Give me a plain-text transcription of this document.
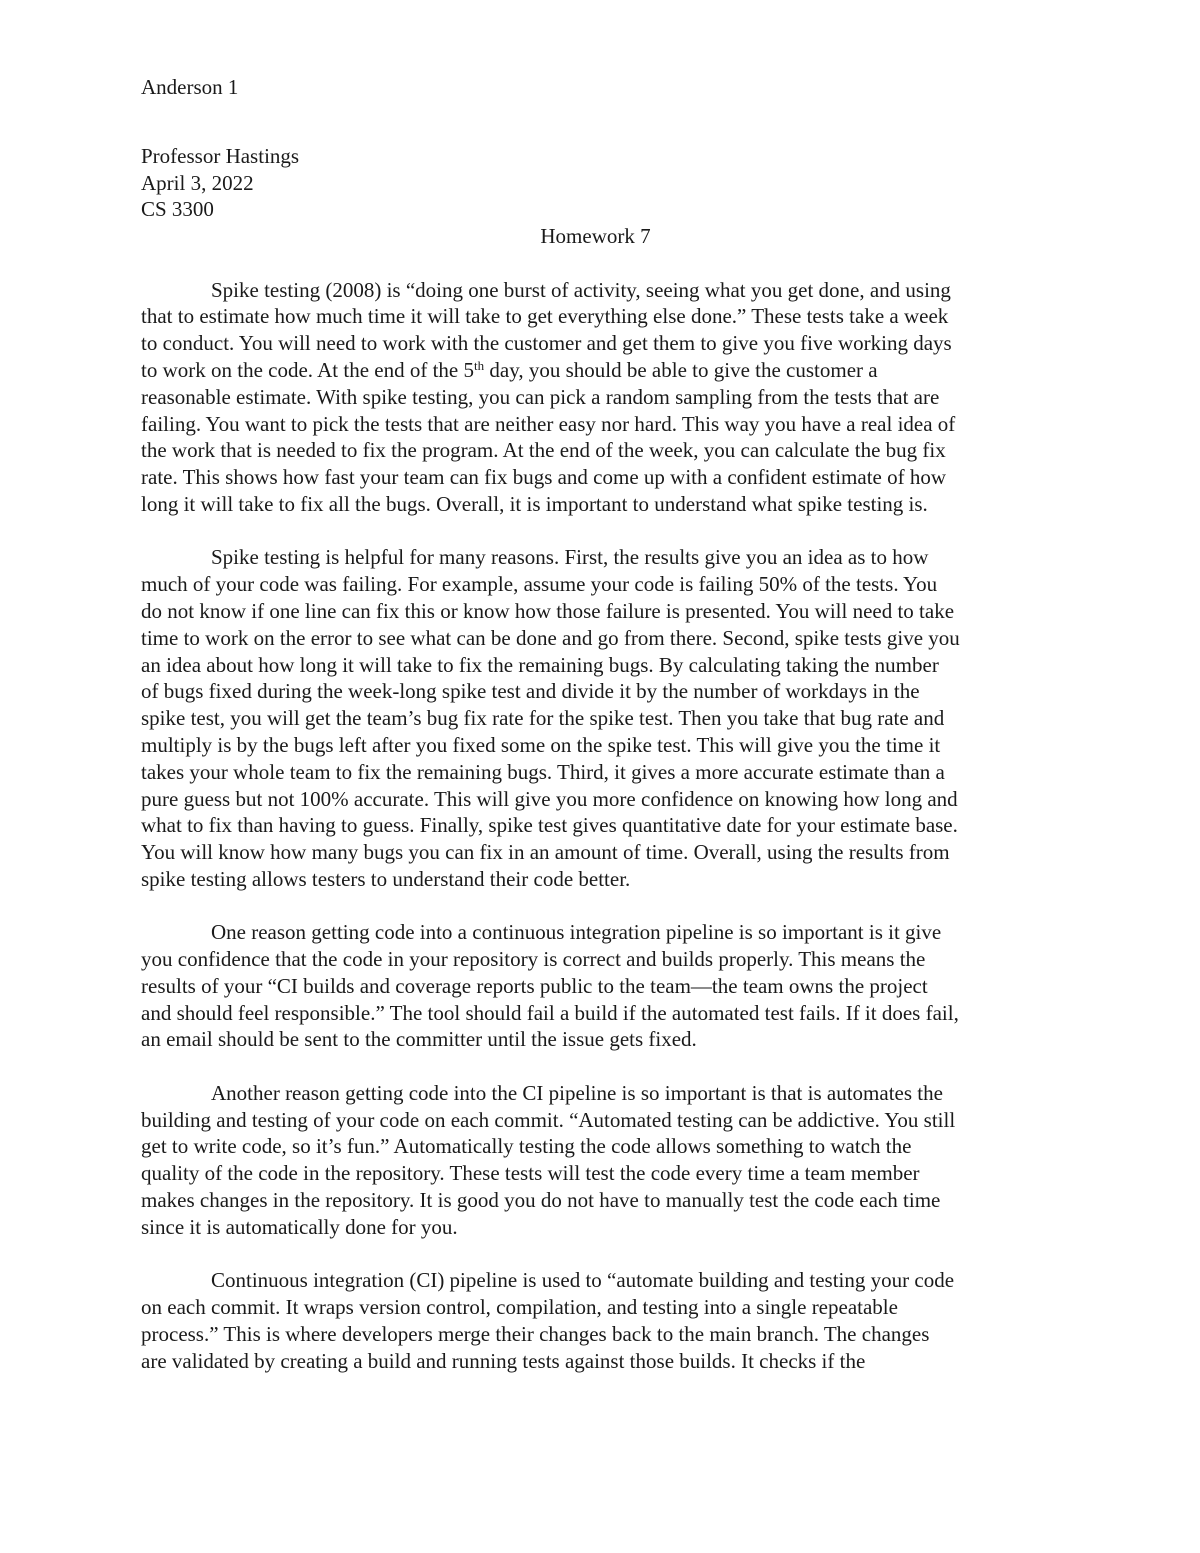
Anderson 1
Professor Hastings
April 3, 2022
CS 3300
Homework 7
Spike testing (2008) is “doing one burst of activity, seeing what you get done, and using
that to estimate how much time it will take to get everything else done.” These tests take a week
to conduct. You will need to work with the customer and get them to give you five working days
to work on the code. At the end of the 5th day, you should be able to give the customer a
reasonable estimate. With spike testing, you can pick a random sampling from the tests that are
failing. You want to pick the tests that are neither easy nor hard. This way you have a real idea of
the work that is needed to fix the program. At the end of the week, you can calculate the bug fix
rate. This shows how fast your team can fix bugs and come up with a confident estimate of how
long it will take to fix all the bugs. Overall, it is important to understand what spike testing is.
Spike testing is helpful for many reasons. First, the results give you an idea as to how
much of your code was failing. For example, assume your code is failing 50% of the tests. You
do not know if one line can fix this or know how those failure is presented. You will need to take
time to work on the error to see what can be done and go from there. Second, spike tests give you
an idea about how long it will take to fix the remaining bugs. By calculating taking the number
of bugs fixed during the week-long spike test and divide it by the number of workdays in the
spike test, you will get the team’s bug fix rate for the spike test. Then you take that bug rate and
multiply is by the bugs left after you fixed some on the spike test. This will give you the time it
takes your whole team to fix the remaining bugs. Third, it gives a more accurate estimate than a
pure guess but not 100% accurate. This will give you more confidence on knowing how long and
what to fix than having to guess. Finally, spike test gives quantitative date for your estimate base.
You will know how many bugs you can fix in an amount of time. Overall, using the results from
spike testing allows testers to understand their code better.
One reason getting code into a continuous integration pipeline is so important is it give
you confidence that the code in your repository is correct and builds properly. This means the
results of your “CI builds and coverage reports public to the team—the team owns the project
and should feel responsible.” The tool should fail a build if the automated test fails. If it does fail,
an email should be sent to the committer until the issue gets fixed.
Another reason getting code into the CI pipeline is so important is that is automates the
building and testing of your code on each commit. “Automated testing can be addictive. You still
get to write code, so it’s fun.” Automatically testing the code allows something to watch the
quality of the code in the repository. These tests will test the code every time a team member
makes changes in the repository. It is good you do not have to manually test the code each time
since it is automatically done for you.
Continuous integration (CI) pipeline is used to “automate building and testing your code
on each commit. It wraps version control, compilation, and testing into a single repeatable
process.” This is where developers merge their changes back to the main branch. The changes
are validated by creating a build and running tests against those builds. It checks if the
